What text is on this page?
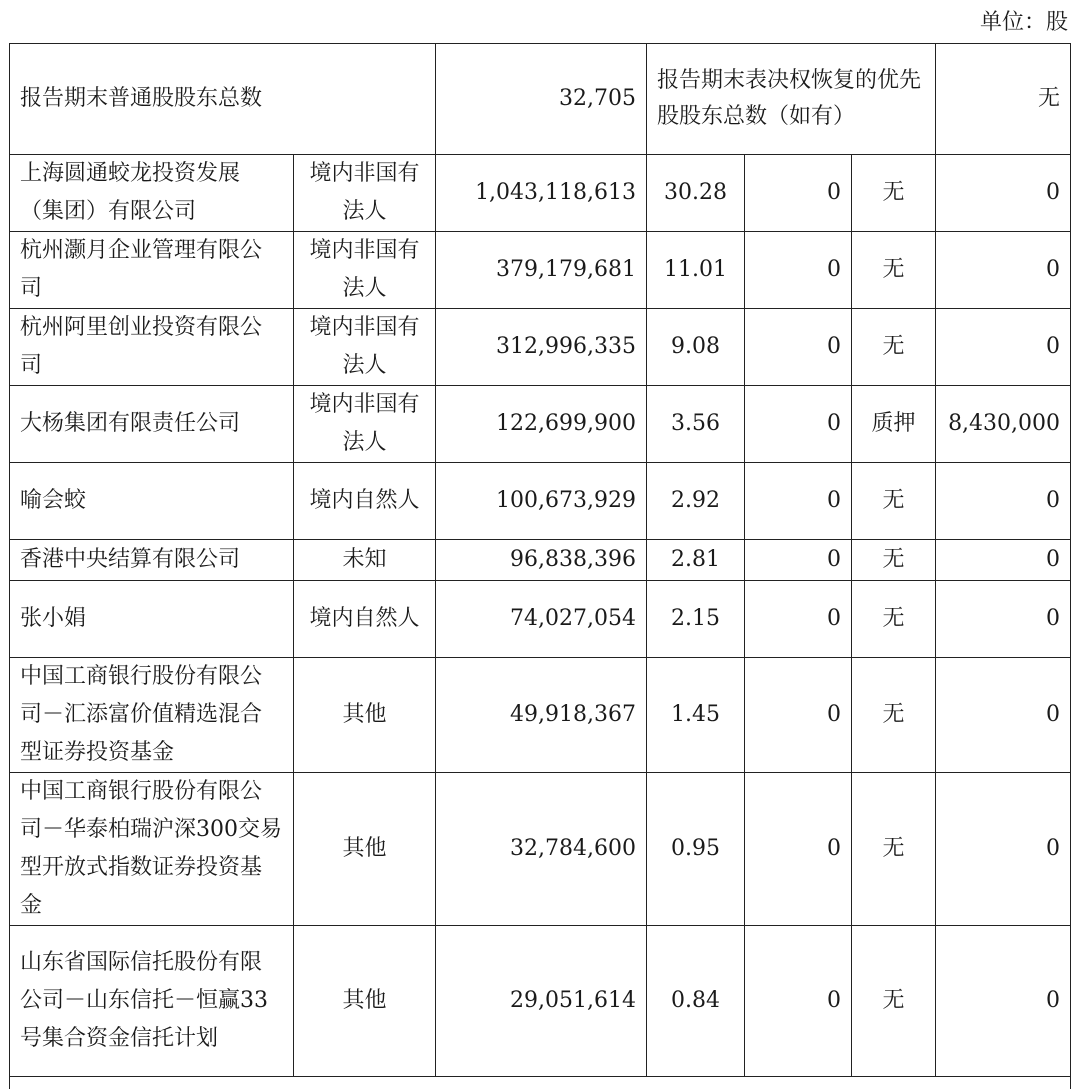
单位：股
报告期末普通股股东总数		32,705	报告期末表决权恢复的优先股股东总数（如有）			无
上海圆通蛟龙投资发展（集团）有限公司	境内非国有法人	1,043,118,613	30.28	0	无	0
杭州灏月企业管理有限公司	境内非国有法人	379,179,681	11.01	0	无	0
杭州阿里创业投资有限公司	境内非国有法人	312,996,335	9.08	0	无	0
大杨集团有限责任公司	境内非国有法人	122,699,900	3.56	0	质押	8,430,000
喻会蛟	境内自然人	100,673,929	2.92	0	无	0
香港中央结算有限公司	未知	96,838,396	2.81	0	无	0
张小娟	境内自然人	74,027,054	2.15	0	无	0
中国工商银行股份有限公司－汇添富价值精选混合型证券投资基金	其他	49,918,367	1.45	0	无	0
中国工商银行股份有限公司－华泰柏瑞沪深300交易型开放式指数证券投资基金	其他	32,784,600	0.95	0	无	0
山东省国际信托股份有限公司－山东信托－恒赢33号集合资金信托计划	其他	29,051,614	0.84	0	无	0
